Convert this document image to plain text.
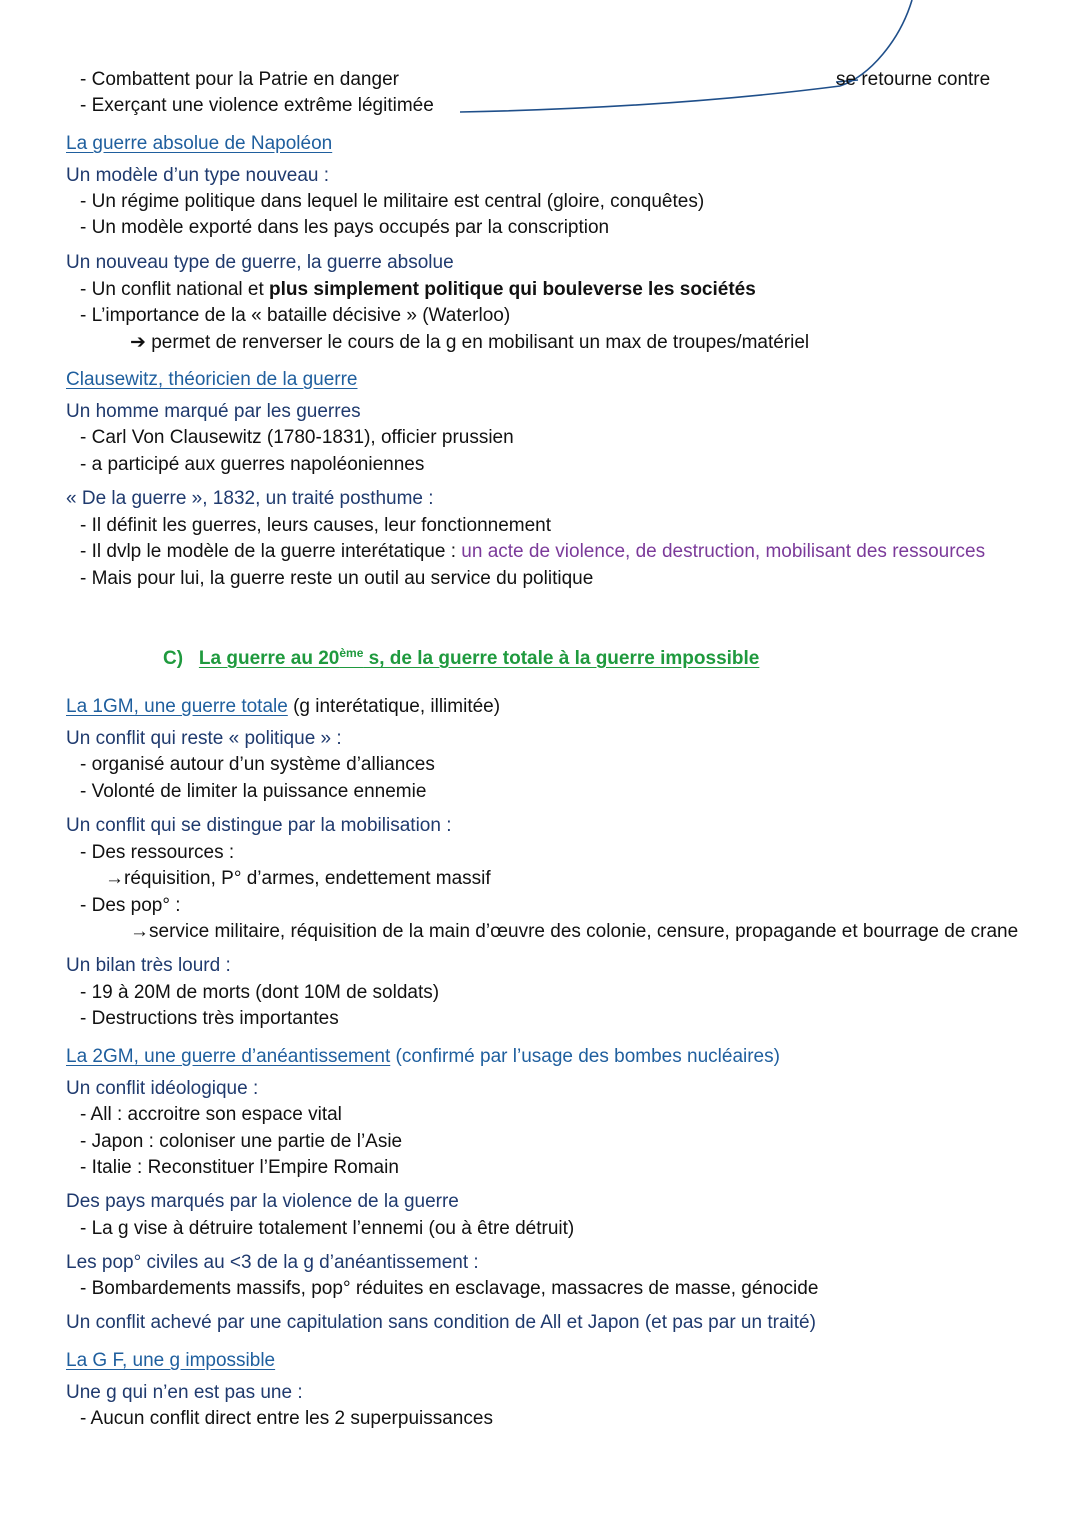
- Combattent pour la Patrie en danger
- Exerçant une violence extrême légitimée
se retourne contre
La guerre absolue de Napoléon
Un modèle d’un type nouveau :
- Un régime politique dans lequel le militaire est central (gloire, conquêtes)
- Un modèle exporté dans les pays occupés par la conscription
Un nouveau type de guerre, la guerre absolue
- Un conflit national et plus simplement politique qui bouleverse les sociétés
- L’importance de la « bataille décisive » (Waterloo)
➔ permet de renverser le cours de la g en mobilisant un max de troupes/matériel
Clausewitz, théoricien de la guerre
Un homme marqué par les guerres
- Carl Von Clausewitz (1780-1831), officier prussien
- a participé aux guerres napoléoniennes
« De la guerre », 1832, un traité posthume :
- Il définit les guerres, leurs causes, leur fonctionnement
- Il dvlp le modèle de la guerre interétatique : un acte de violence, de destruction, mobilisant des ressources
- Mais pour lui, la guerre reste un outil au service du politique
C) La guerre au 20ème s, de la guerre totale à la guerre impossible
La 1GM, une guerre totale (g interétatique, illimitée)
Un conflit qui reste « politique » :
- organisé autour d’un système d’alliances
- Volonté de limiter la puissance ennemie
Un conflit qui se distingue par la mobilisation :
- Des ressources :
→réquisition, P° d’armes, endettement massif
- Des pop° :
→service militaire, réquisition de la main d’œuvre des colonie, censure, propagande et bourrage de crane
Un bilan très lourd :
- 19 à 20M de morts (dont 10M de soldats)
- Destructions très importantes
La 2GM, une guerre d’anéantissement (confirmé par l’usage des bombes nucléaires)
Un conflit idéologique :
- All : accroitre son espace vital
- Japon : coloniser une partie de l’Asie
- Italie : Reconstituer l’Empire Romain
Des pays marqués par la violence de la guerre
- La g vise à détruire totalement l’ennemi (ou à être détruit)
Les pop° civiles au <3 de la g d’anéantissement :
- Bombardements massifs, pop° réduites en esclavage, massacres de masse, génocide
Un conflit achevé par une capitulation sans condition de All et Japon (et pas par un traité)
La G F, une g impossible
Une g qui n’en est pas une :
- Aucun conflit direct entre les 2 superpuissances
